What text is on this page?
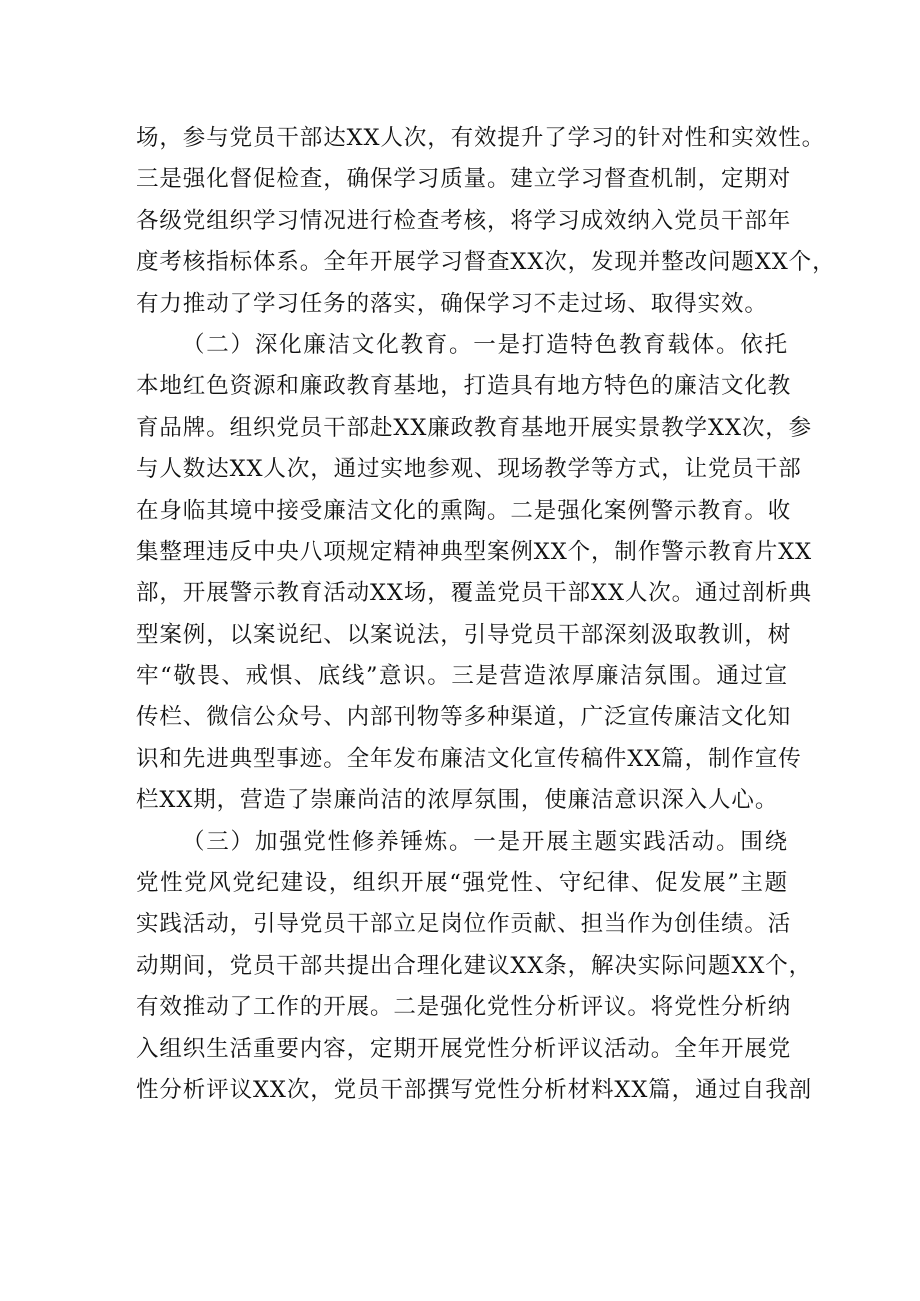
场，参与党员干部达XX人次，有效提升了学习的针对性和实效性。
三是强化督促检查，确保学习质量。建立学习督查机制，定期对
各级党组织学习情况进行检查考核，将学习成效纳入党员干部年
度考核指标体系。全年开展学习督查XX次，发现并整改问题XX个，
有力推动了学习任务的落实，确保学习不走过场、取得实效。
（二）深化廉洁文化教育。一是打造特色教育载体。依托
本地红色资源和廉政教育基地，打造具有地方特色的廉洁文化教
育品牌。组织党员干部赴XX廉政教育基地开展实景教学XX次，参
与人数达XX人次，通过实地参观、现场教学等方式，让党员干部
在身临其境中接受廉洁文化的熏陶。二是强化案例警示教育。收
集整理违反中央八项规定精神典型案例XX个，制作警示教育片XX
部，开展警示教育活动XX场，覆盖党员干部XX人次。通过剖析典
型案例，以案说纪、以案说法，引导党员干部深刻汲取教训，树
牢“敬畏、戒惧、底线”意识。三是营造浓厚廉洁氛围。通过宣
传栏、微信公众号、内部刊物等多种渠道，广泛宣传廉洁文化知
识和先进典型事迹。全年发布廉洁文化宣传稿件XX篇，制作宣传
栏XX期，营造了崇廉尚洁的浓厚氛围，使廉洁意识深入人心。
（三）加强党性修养锤炼。一是开展主题实践活动。围绕
党性党风党纪建设，组织开展“强党性、守纪律、促发展”主题
实践活动，引导党员干部立足岗位作贡献、担当作为创佳绩。活
动期间，党员干部共提出合理化建议XX条，解决实际问题XX个，
有效推动了工作的开展。二是强化党性分析评议。将党性分析纳
入组织生活重要内容，定期开展党性分析评议活动。全年开展党
性分析评议XX次，党员干部撰写党性分析材料XX篇，通过自我剖
